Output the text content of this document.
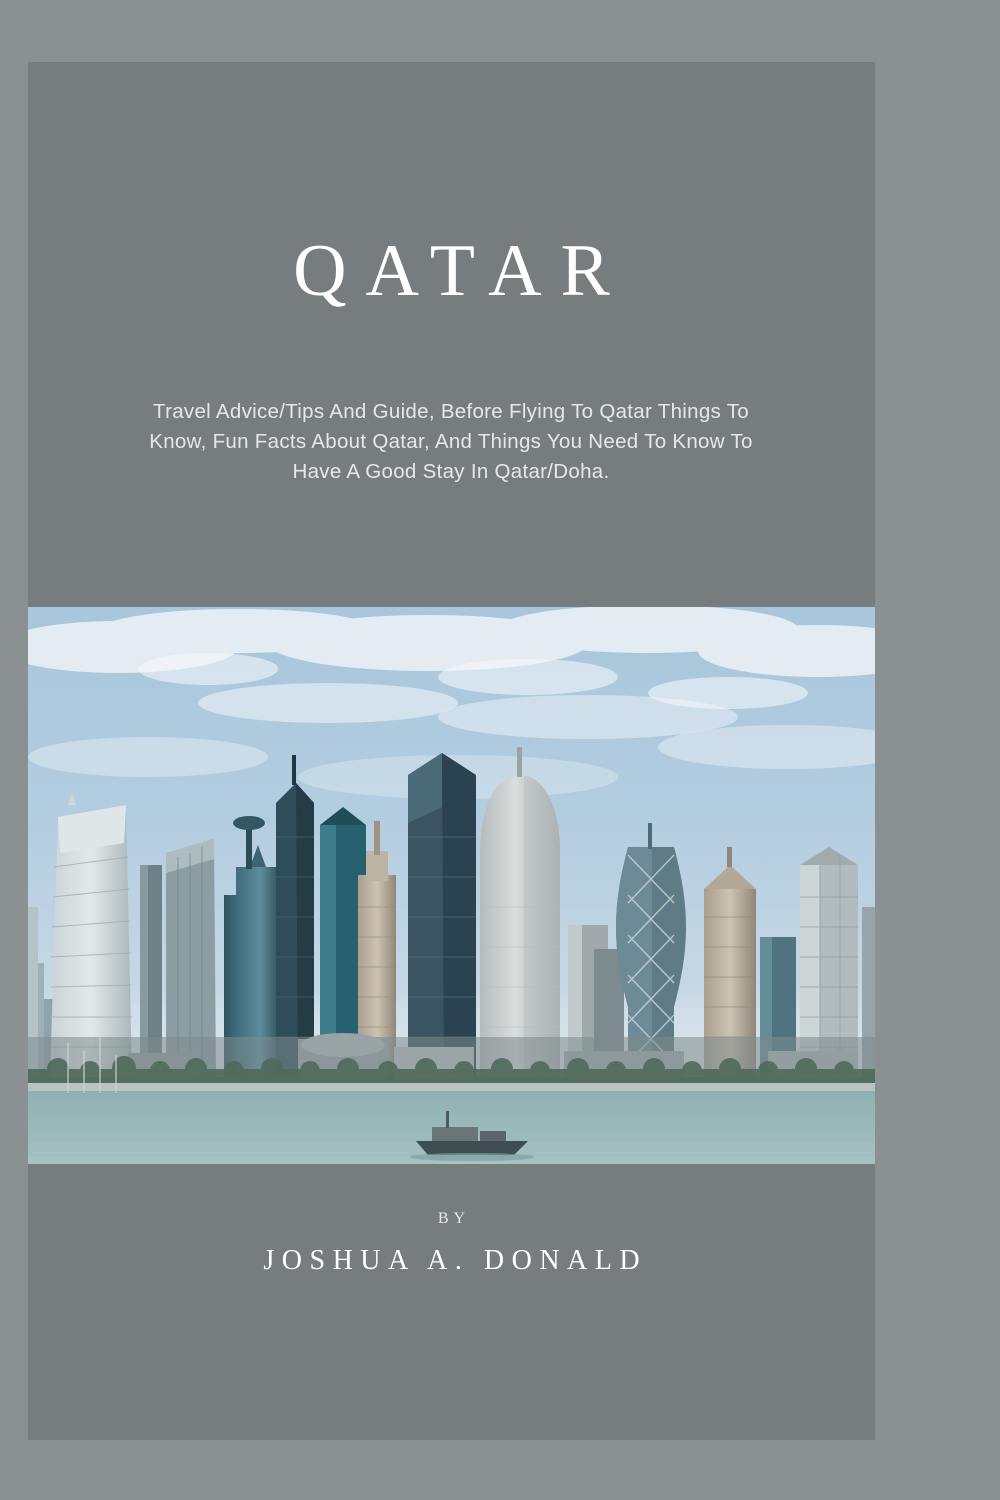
QATAR
Travel Advice/Tips And Guide, Before Flying To Qatar Things To Know, Fun Facts About Qatar, And Things You Need To Know To Have A Good Stay In Qatar/Doha.
BY
JOSHUA A. DONALD
